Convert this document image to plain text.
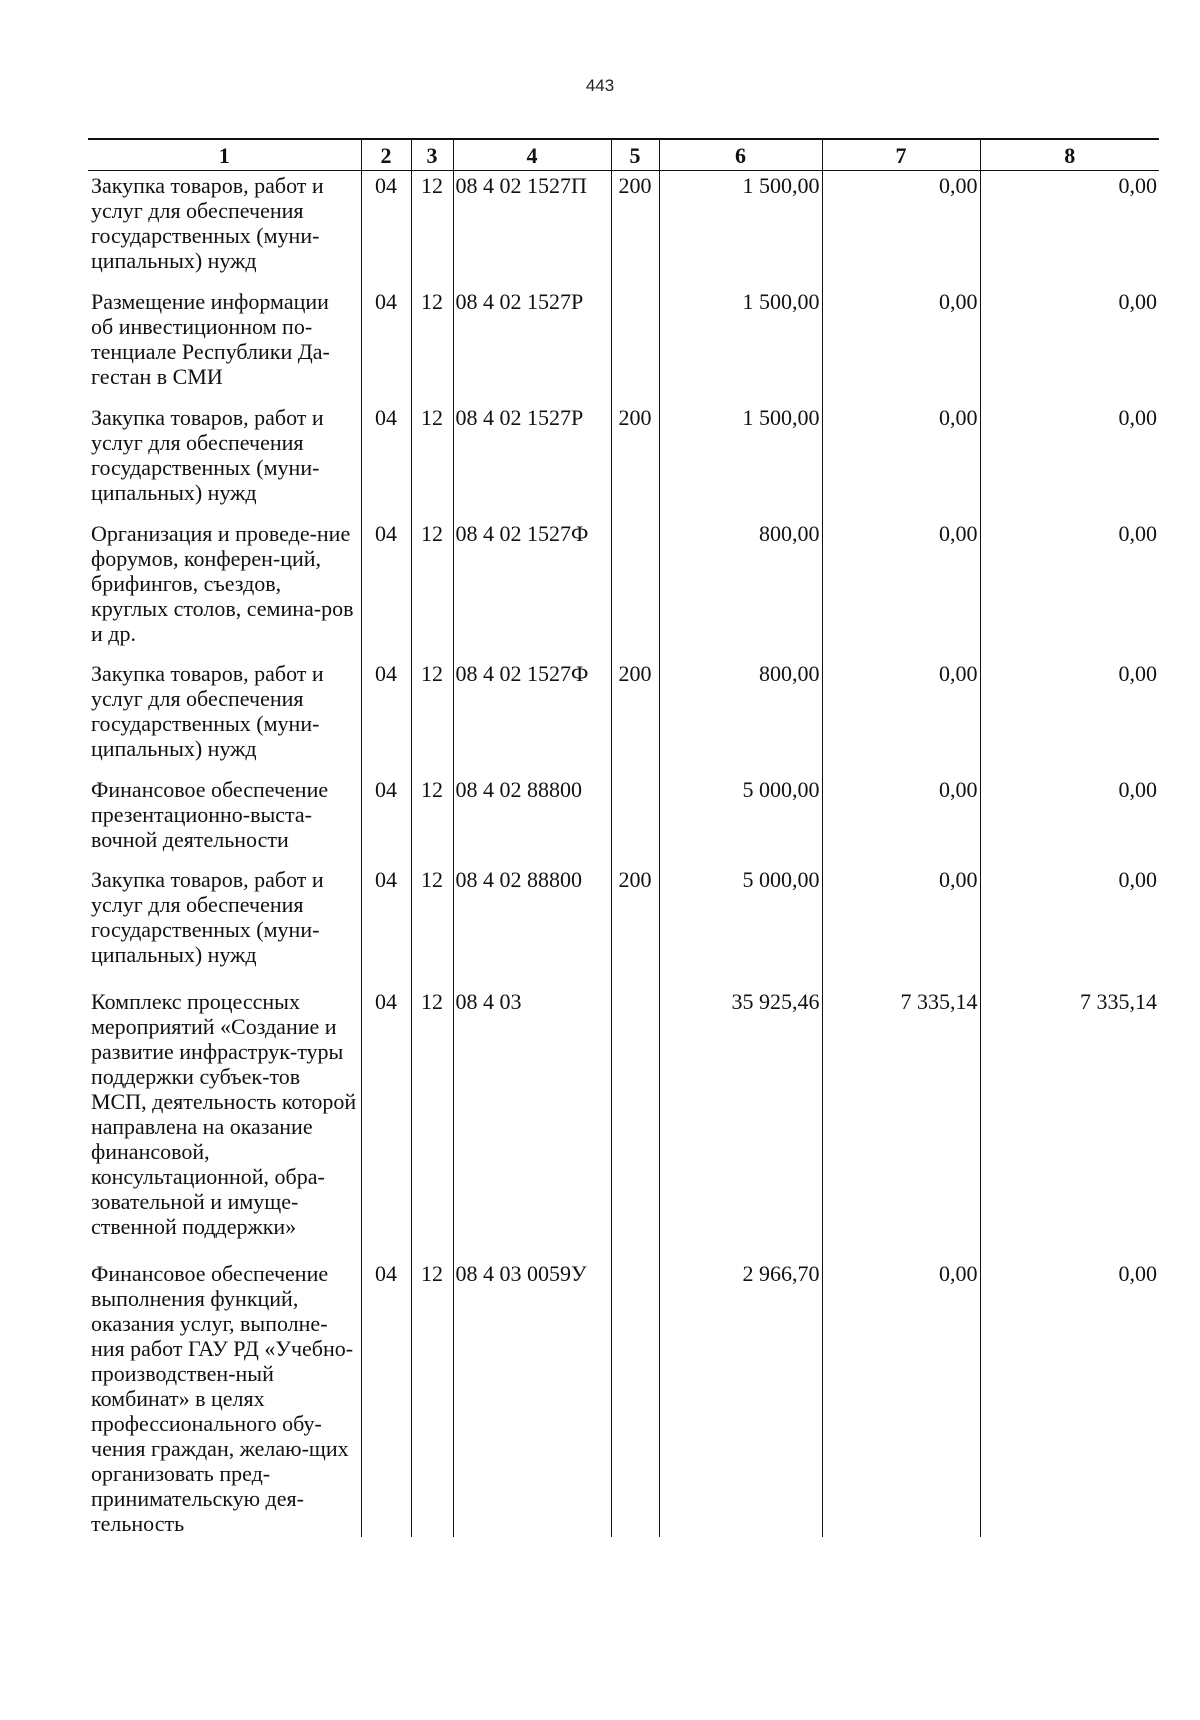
443
1	2	3	4	5	6	7	8
Закупка товаров, работ и услуг для обеспечения государственных (муни-ципальных) нужд	04	12	08 4 02 1527П	200	1 500,00	0,00	0,00
Размещение информации об инвестиционном по-тенциале Республики Да-гестан в СМИ	04	12	08 4 02 1527Р		1 500,00	0,00	0,00
Закупка товаров, работ и услуг для обеспечения государственных (муни-ципальных) нужд	04	12	08 4 02 1527Р	200	1 500,00	0,00	0,00
Организация и проведе-ние форумов, конферен-ций, брифингов, съездов, круглых столов, семина-ров и др.	04	12	08 4 02 1527Ф		800,00	0,00	0,00
Закупка товаров, работ и услуг для обеспечения государственных (муни-ципальных) нужд	04	12	08 4 02 1527Ф	200	800,00	0,00	0,00
Финансовое обеспечение презентационно-выста-вочной деятельности	04	12	08 4 02 88800		5 000,00	0,00	0,00
Закупка товаров, работ и услуг для обеспечения государственных (муни-ципальных) нужд	04	12	08 4 02 88800	200	5 000,00	0,00	0,00
Комплекс процессных мероприятий «Создание и развитие инфраструк-туры поддержки субъек-тов МСП, деятельность которой направлена на оказание финансовой, консультационной, обра-зовательной и имуще-ственной поддержки»	04	12	08 4 03		35 925,46	7 335,14	7 335,14
Финансовое обеспечение выполнения функций, оказания услуг, выполне-ния работ ГАУ РД «Учебно-производствен-ный комбинат» в целях профессионального обу-чения граждан, желаю-щих организовать пред-принимательскую дея-тельность	04	12	08 4 03 0059У		2 966,70	0,00	0,00
